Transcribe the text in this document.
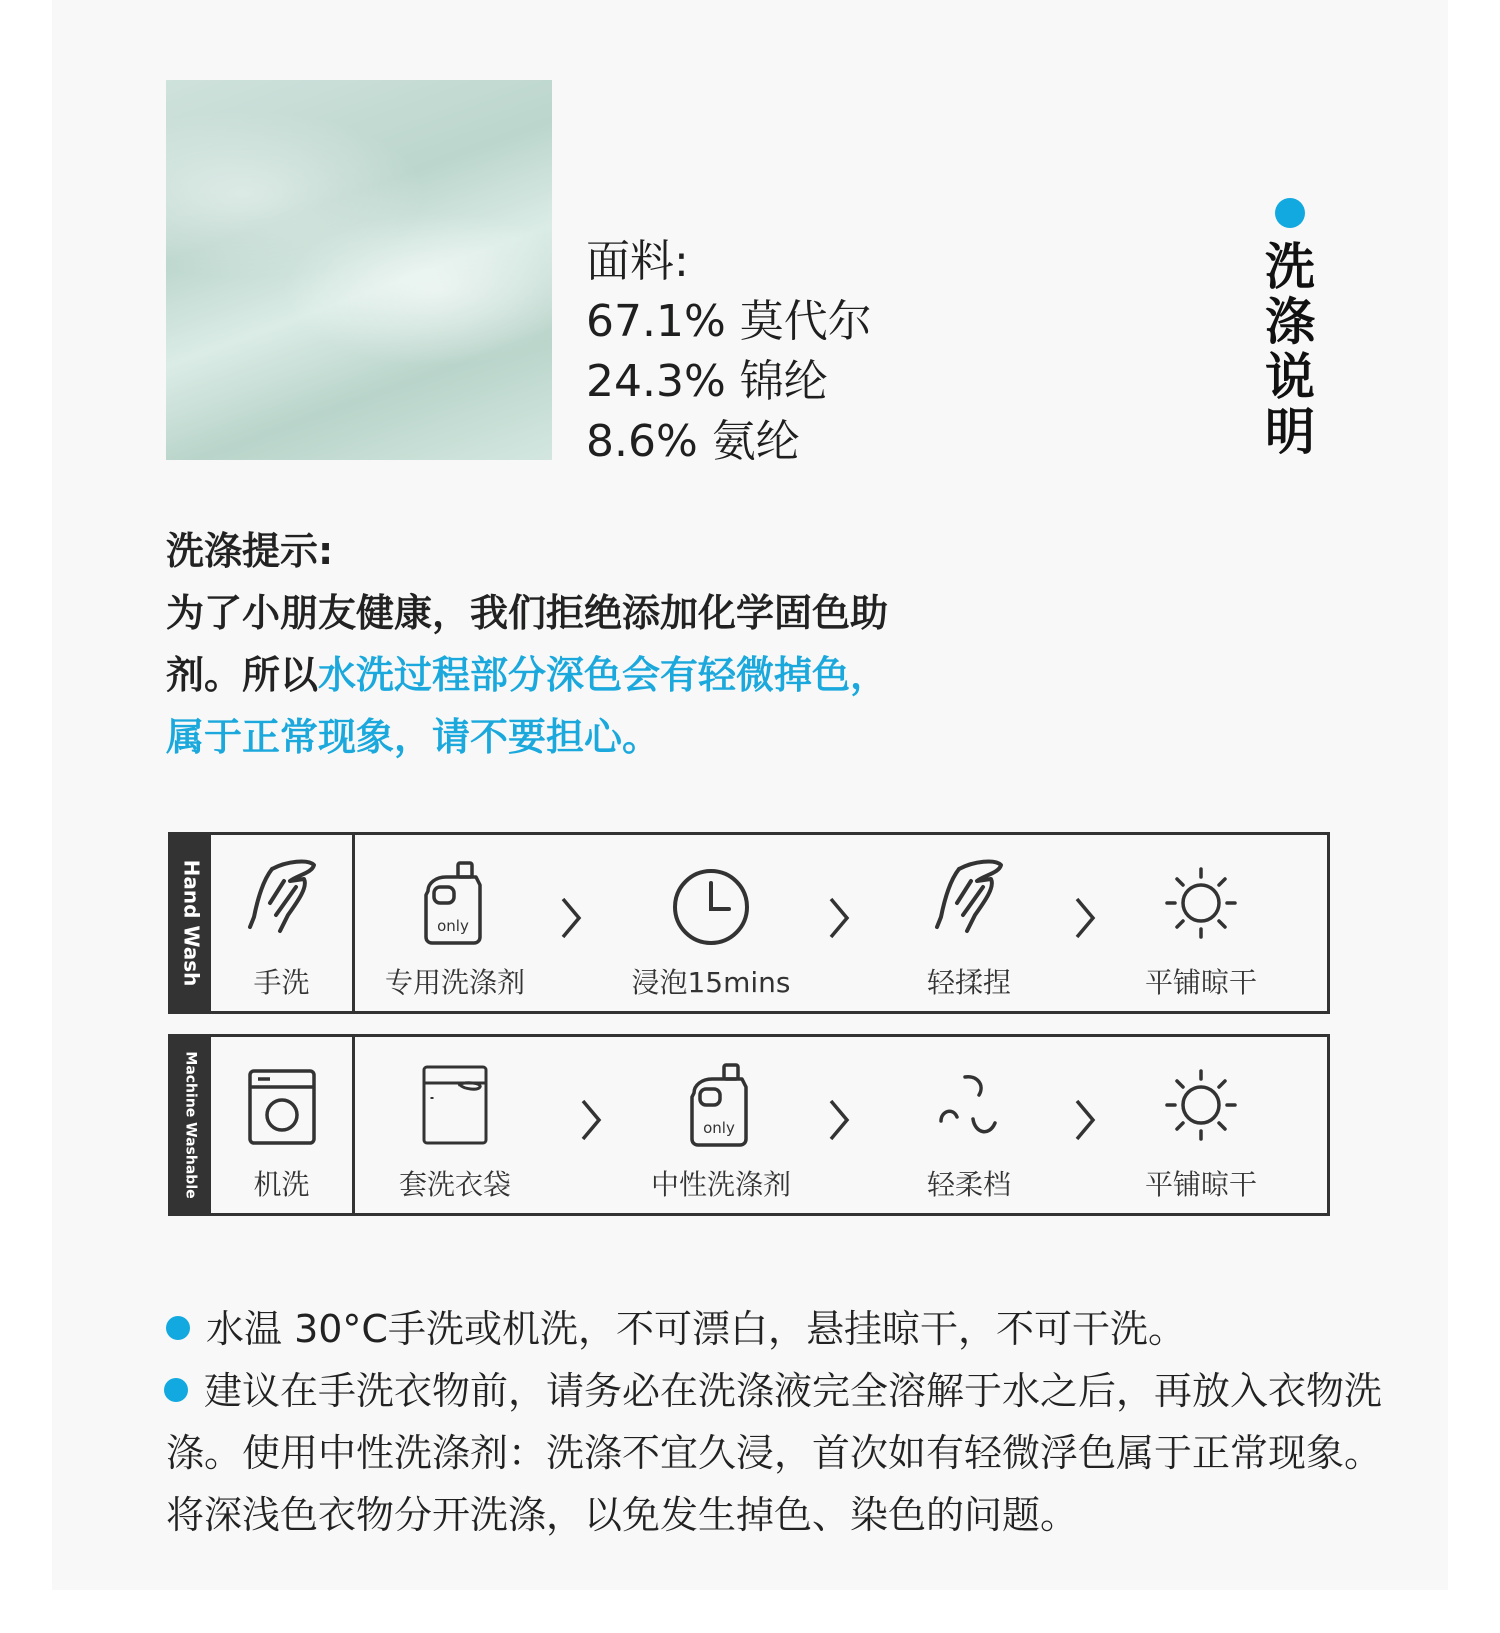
面料:
67.1% 莫代尔
24.3% 锦纶
8.6% 氨纶
洗
涤
说
明

洗涤提示:

为了小朋友健康，我们拒绝添加化学固色助

剂。所以水洗过程部分深色会有轻微掉色，

属于正常现象，请不要担心。

Hand Wash	手洗
only
专用洗涤剂	浸泡15mins	轻揉捏	平铺晾干
Machine Washable	机洗	套洗衣袋
only
中性洗涤剂	轻柔档	平铺晾干

水温 30°C手洗或机洗，不可漂白，悬挂晾干，不可干洗。

建议在手洗衣物前，请务必在洗涤液完全溶解于水之后，再放入衣物洗涤。使用中性洗涤剂：洗涤不宜久浸，首次如有轻微浮色属于正常现象。将深浅色衣物分开洗涤，以免发生掉色、染色的问题。
